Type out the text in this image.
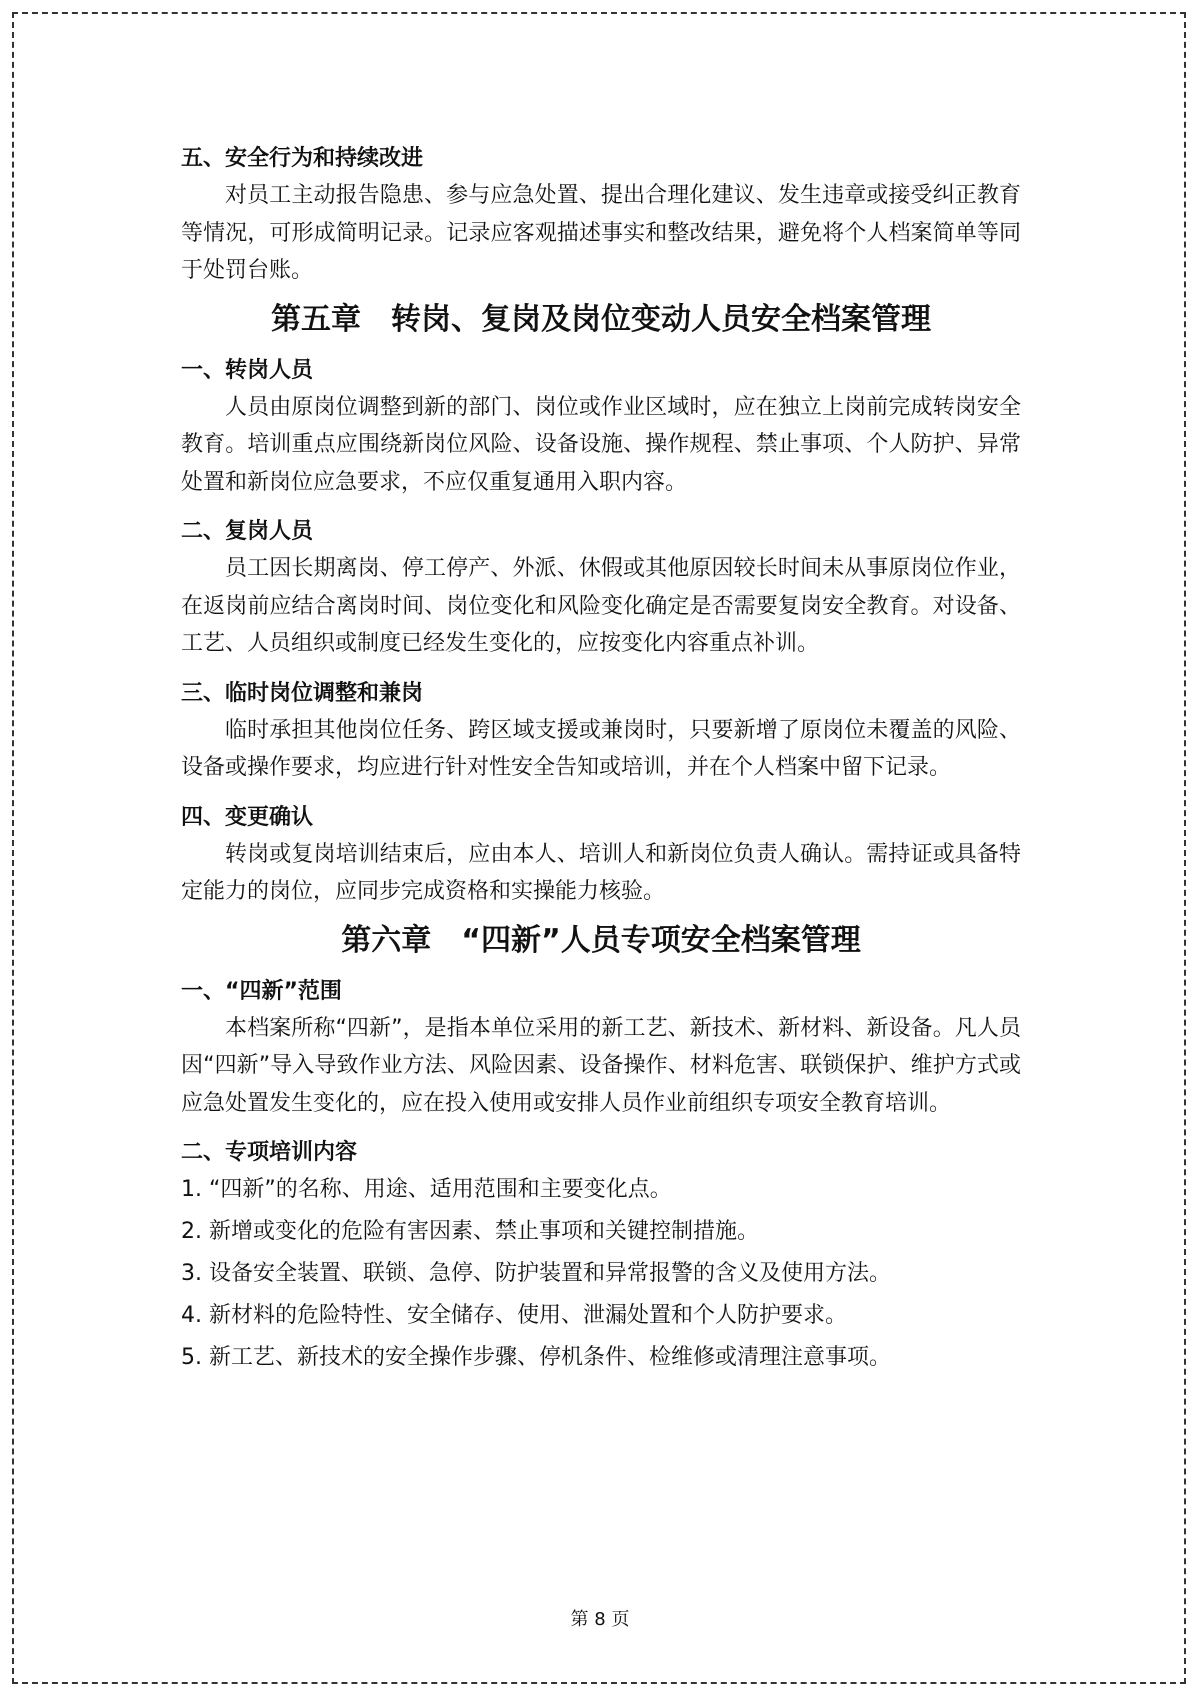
五、安全行为和持续改进

对员工主动报告隐患、参与应急处置、提出合理化建议、发生违章或接受纠正教育等情况，可形成简明记录。记录应客观描述事实和整改结果，避免将个人档案简单等同于处罚台账。

第五章　转岗、复岗及岗位变动人员安全档案管理

一、转岗人员

人员由原岗位调整到新的部门、岗位或作业区域时，应在独立上岗前完成转岗安全教育。培训重点应围绕新岗位风险、设备设施、操作规程、禁止事项、个人防护、异常处置和新岗位应急要求，不应仅重复通用入职内容。

二、复岗人员

员工因长期离岗、停工停产、外派、休假或其他原因较长时间未从事原岗位作业，在返岗前应结合离岗时间、岗位变化和风险变化确定是否需要复岗安全教育。对设备、工艺、人员组织或制度已经发生变化的，应按变化内容重点补训。

三、临时岗位调整和兼岗

临时承担其他岗位任务、跨区域支援或兼岗时，只要新增了原岗位未覆盖的风险、设备或操作要求，均应进行针对性安全告知或培训，并在个人档案中留下记录。

四、变更确认

转岗或复岗培训结束后，应由本人、培训人和新岗位负责人确认。需持证或具备特定能力的岗位，应同步完成资格和实操能力核验。

第六章　“四新”人员专项安全档案管理

一、“四新”范围

本档案所称“四新”，是指本单位采用的新工艺、新技术、新材料、新设备。凡人员因“四新”导入导致作业方法、风险因素、设备操作、材料危害、联锁保护、维护方式或应急处置发生变化的，应在投入使用或安排人员作业前组织专项安全教育培训。

二、专项培训内容

1. “四新”的名称、用途、适用范围和主要变化点。

2. 新增或变化的危险有害因素、禁止事项和关键控制措施。

3. 设备安全装置、联锁、急停、防护装置和异常报警的含义及使用方法。

4. 新材料的危险特性、安全储存、使用、泄漏处置和个人防护要求。

5. 新工艺、新技术的安全操作步骤、停机条件、检维修或清理注意事项。

第 8 页
